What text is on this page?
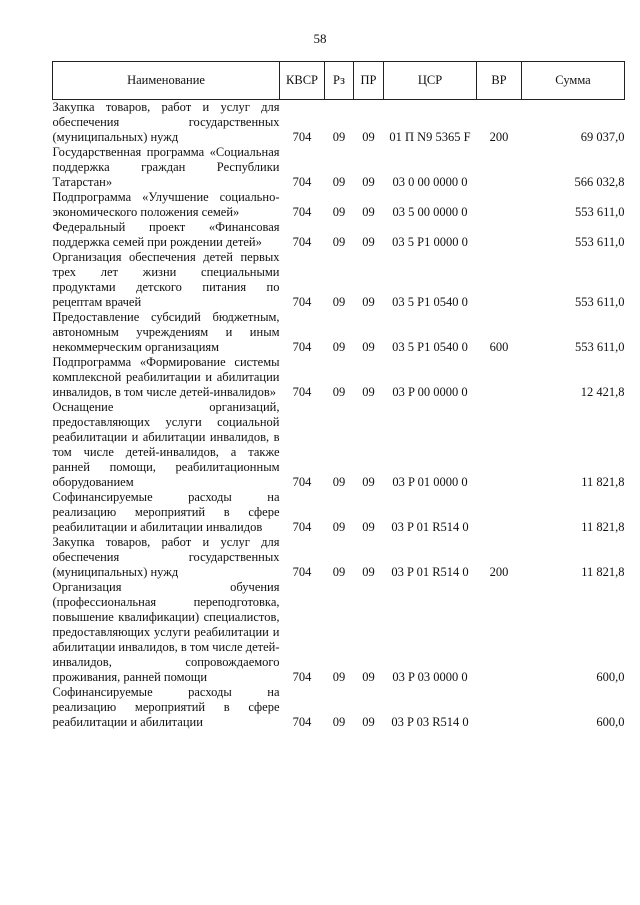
58
Наименование	КВСР	Рз	ПР	ЦСР	ВР	Сумма
Закупка товаров, работ и услуг для обеспечения государственных (муниципальных) нужд	704	09	09	01 П N9 5365 F	200	69 037,0
Государственная программа «Социальная поддержка граждан Республики Татарстан»	704	09	09	03 0 00 0000 0		566 032,8
Подпрограмма «Улучшение социально-экономического положения семей»	704	09	09	03 5 00 0000 0		553 611,0
Федеральный проект «Финансовая поддержка семей при рождении детей»	704	09	09	03 5 P1 0000 0		553 611,0
Организация обеспечения детей первых трех лет жизни специальными продуктами детского питания по рецептам врачей	704	09	09	03 5 P1 0540 0		553 611,0
Предоставление субсидий бюджетным, автономным учреждениям и иным некоммерческим организациям	704	09	09	03 5 P1 0540 0	600	553 611,0
Подпрограмма «Формирование системы комплексной реабилитации и абилитации инвалидов, в том числе детей-инвалидов»	704	09	09	03 P 00 0000 0		12 421,8
Оснащение организаций, предоставляющих услуги социальной реабилитации и абилитации инвалидов, в том числе детей-инвалидов, а также ранней помощи, реабилитационным оборудованием	704	09	09	03 P 01 0000 0		11 821,8
Софинансируемые расходы на реализацию мероприятий в сфере реабилитации и абилитации инвалидов	704	09	09	03 P 01 R514 0		11 821,8
Закупка товаров, работ и услуг для обеспечения государственных (муниципальных) нужд	704	09	09	03 P 01 R514 0	200	11 821,8
Организация обучения (профессиональная переподготовка, повышение квалификации) специалистов, предоставляющих услуги реабилитации и абилитации инвалидов, в том числе детей-инвалидов, сопровождаемого проживания, ранней помощи	704	09	09	03 P 03 0000 0		600,0
Софинансируемые расходы на реализацию мероприятий в сфере реабилитации и абилитации	704	09	09	03 P 03 R514 0		600,0
